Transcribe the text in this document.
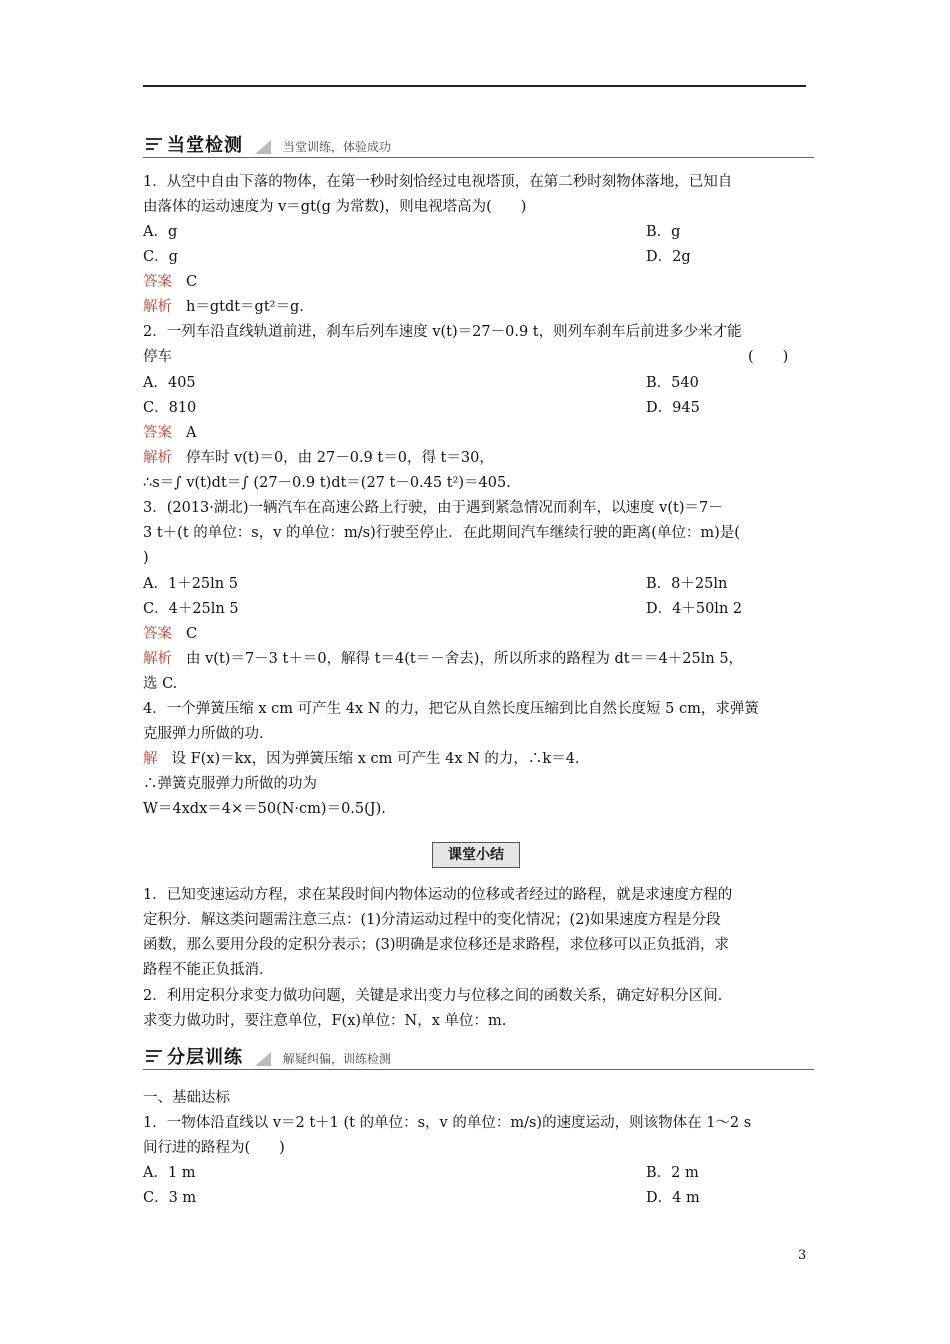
当堂检测	当堂训练，体验成功
1．从空中自由下落的物体，在第一秒时刻恰经过电视塔顶，在第二秒时刻物体落地，已知自
由落体的运动速度为 v＝gt(g 为常数)，则电视塔高为(　　)
A．g	B．g
C．g	D．2g
答案 C
解析 h＝gtdt＝gt²＝g.
2．一列车沿直线轨道前进，刹车后列车速度 v(t)＝27－0.9 t，则列车刹车后前进多少米才能
停车	(　　)
A．405	B．540
C．810	D．945
答案 A
解析 停车时 v(t)＝0，由 27－0.9 t＝0，得 t＝30，
∴s＝∫ v(t)dt＝∫ (27－0.9 t)dt＝(27 t－0.45 t²)＝405.
3．(2013·湖北)一辆汽车在高速公路上行驶，由于遇到紧急情况而刹车，以速度 v(t)＝7－
3 t＋(t 的单位：s，v 的单位：m/s)行驶至停止．在此期间汽车继续行驶的距离(单位：m)是(
)
A．1＋25ln 5	B．8＋25ln
C．4＋25ln 5	D．4＋50ln 2
答案 C
解析 由 v(t)＝7－3 t＋＝0，解得 t＝4(t＝－舍去)，所以所求的路程为 dt＝＝4＋25ln 5，
选 C.
4．一个弹簧压缩 x cm 可产生 4x N 的力，把它从自然长度压缩到比自然长度短 5 cm，求弹簧
克服弹力所做的功．
解 设 F(x)＝kx，因为弹簧压缩 x cm 可产生 4x N 的力，∴k＝4.
∴弹簧克服弹力所做的功为
W＝4xdx＝4×＝50(N·cm)＝0.5(J).
课堂小结
1．已知变速运动方程，求在某段时间内物体运动的位移或者经过的路程，就是求速度方程的
定积分．解这类问题需注意三点：(1)分清运动过程中的变化情况；(2)如果速度方程是分段
函数，那么要用分段的定积分表示；(3)明确是求位移还是求路程，求位移可以正负抵消，求
路程不能正负抵消．
2．利用定积分求变力做功问题，关键是求出变力与位移之间的函数关系，确定好积分区间．
求变力做功时，要注意单位，F(x)单位：N，x 单位：m.
分层训练	解疑纠偏，训练检测
一、基础达标
1．一物体沿直线以 v＝2 t＋1 (t 的单位：s，v 的单位：m/s)的速度运动，则该物体在 1～2 s
间行进的路程为(　　)
A．1 m	B．2 m
C．3 m	D．4 m
3
